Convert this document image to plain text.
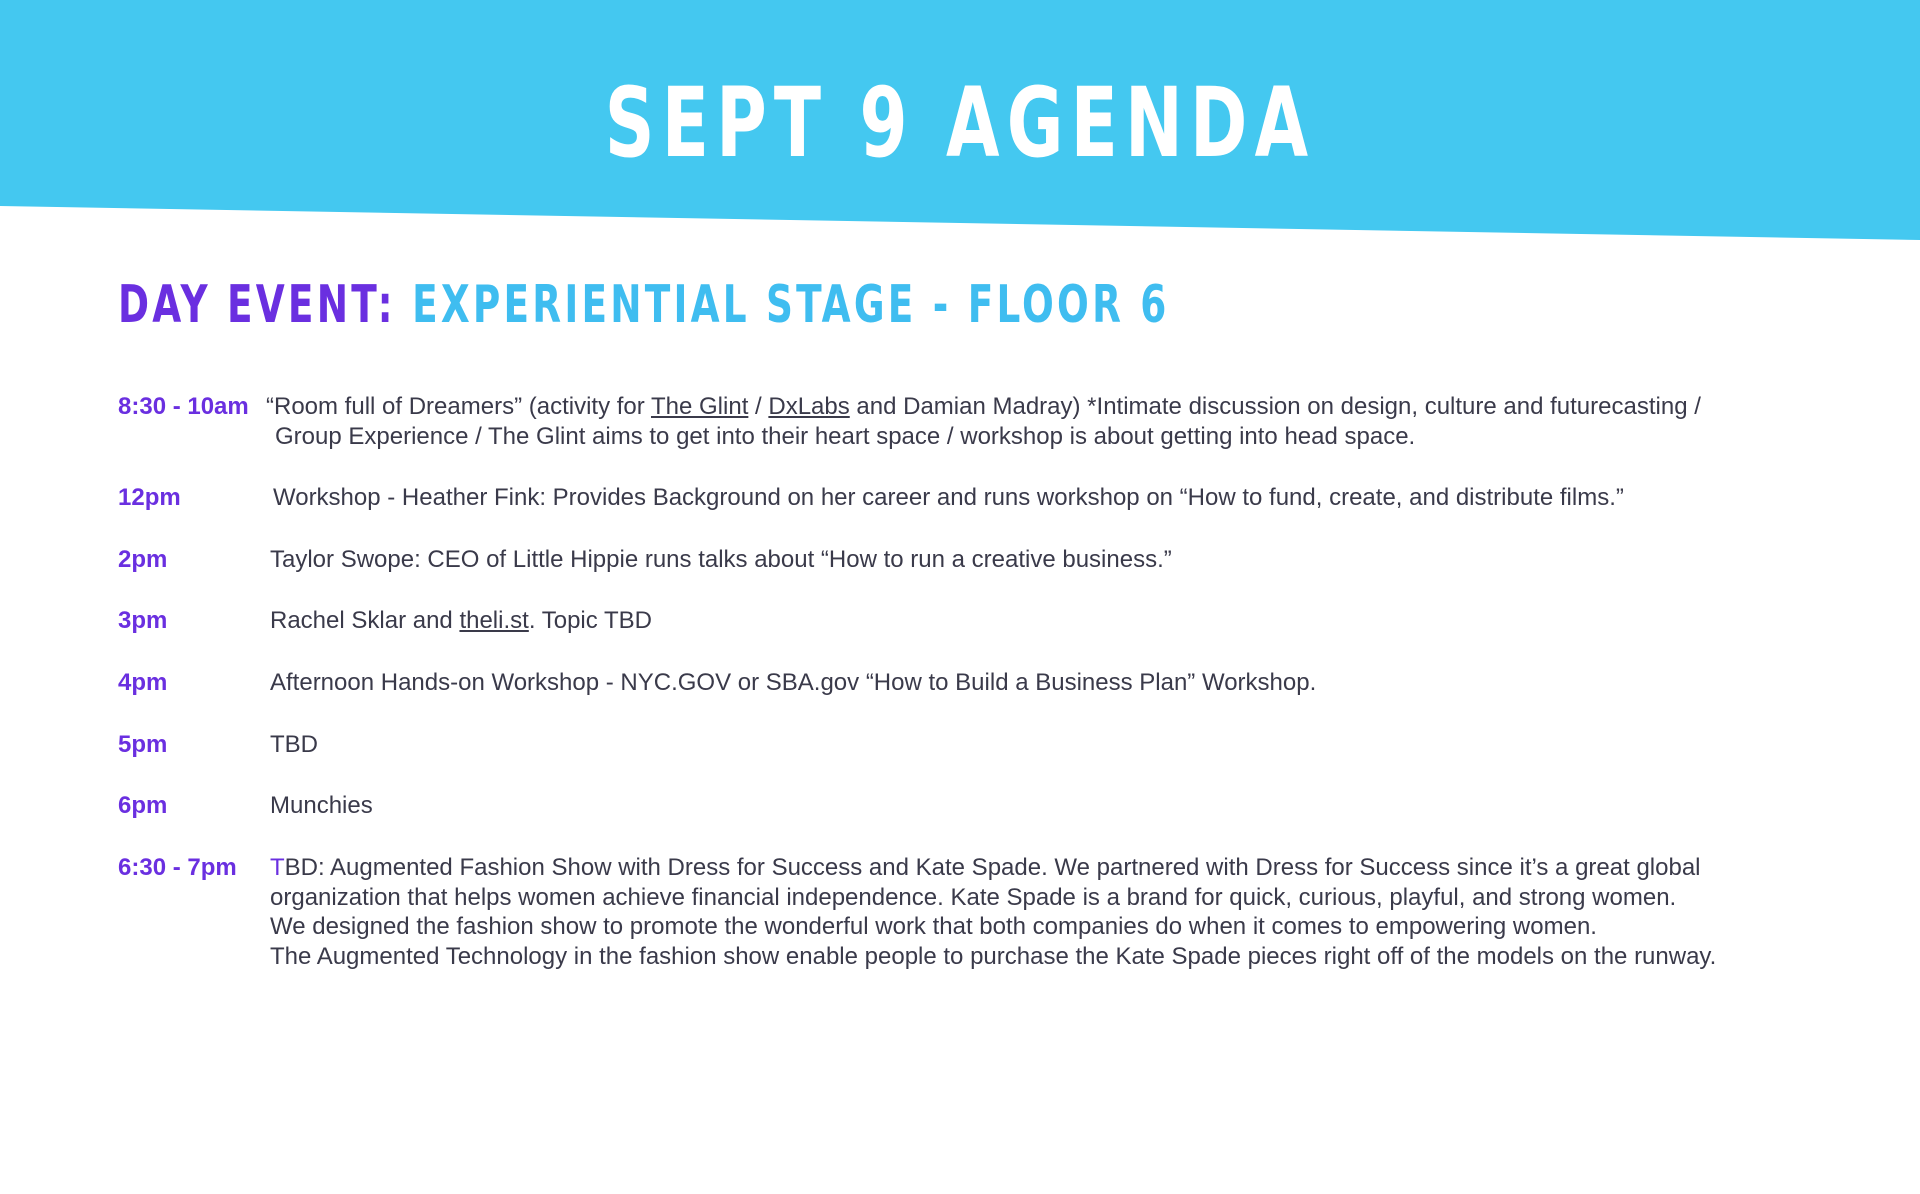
SEPT 9 AGENDA
DAY EVENT: EXPERIENTIAL STAGE - FLOOR 6
8:30 - 10am “Room full of Dreamers” (activity for The Glint / DxLabs and Damian Madray) *Intimate discussion on design, culture and futurecasting /
Group Experience / The Glint aims to get into their heart space / workshop is about getting into head space.
12pm	Workshop - Heather Fink: Provides Background on her career and runs workshop on “How to fund, create, and distribute films.”
2pm	Taylor Swope: CEO of Little Hippie runs talks about “How to run a creative business.”
3pm	Rachel Sklar and theli.st. Topic TBD
4pm	Afternoon Hands-on Workshop - NYC.GOV or SBA.gov “How to Build a Business Plan” Workshop.
5pm	TBD
6pm	Munchies
6:30 - 7pm TBD: Augmented Fashion Show with Dress for Success and Kate Spade. We partnered with Dress for Success since it’s a great global
organization that helps women achieve financial independence. Kate Spade is a brand for quick, curious, playful, and strong women.
We designed the fashion show to promote the wonderful work that both companies do when it comes to empowering women.
The Augmented Technology in the fashion show enable people to purchase the Kate Spade pieces right off of the models on the runway.
